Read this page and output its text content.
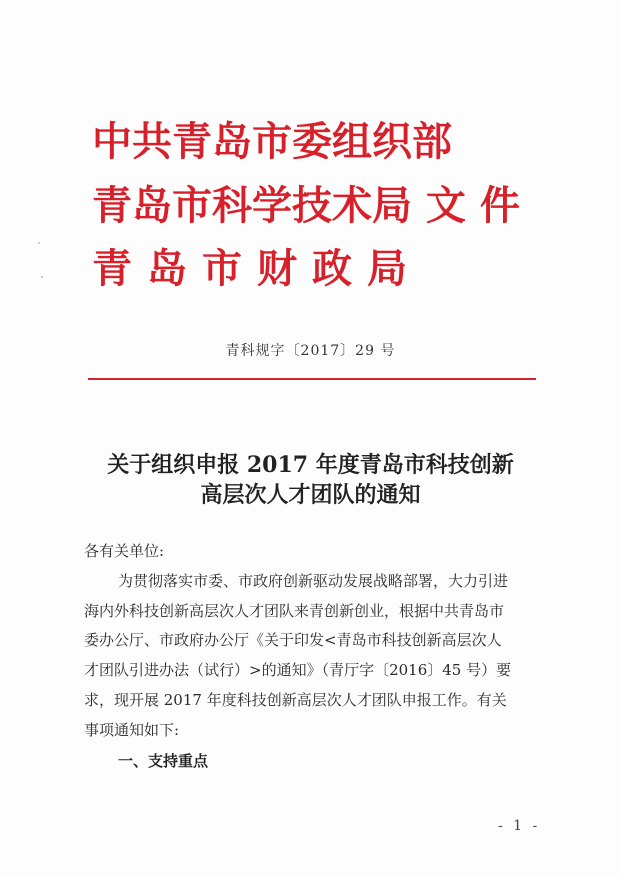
中共青岛市委组织部
青岛市科学技术局 文 件
青岛市财政局
青科规字〔2017〕29 号
关于组织申报 2017 年度青岛市科技创新
高层次人才团队的通知
各有关单位:
为贯彻落实市委、市政府创新驱动发展战略部署，大力引进
海内外科技创新高层次人才团队来青创新创业，根据中共青岛市
委办公厅、市政府办公厅《关于印发<青岛市科技创新高层次人
才团队引进办法（试行）>的通知》（青厅字〔2016〕45 号）要
求，现开展 2017 年度科技创新高层次人才团队申报工作。有关
事项通知如下:
一、支持重点
- 1 -
